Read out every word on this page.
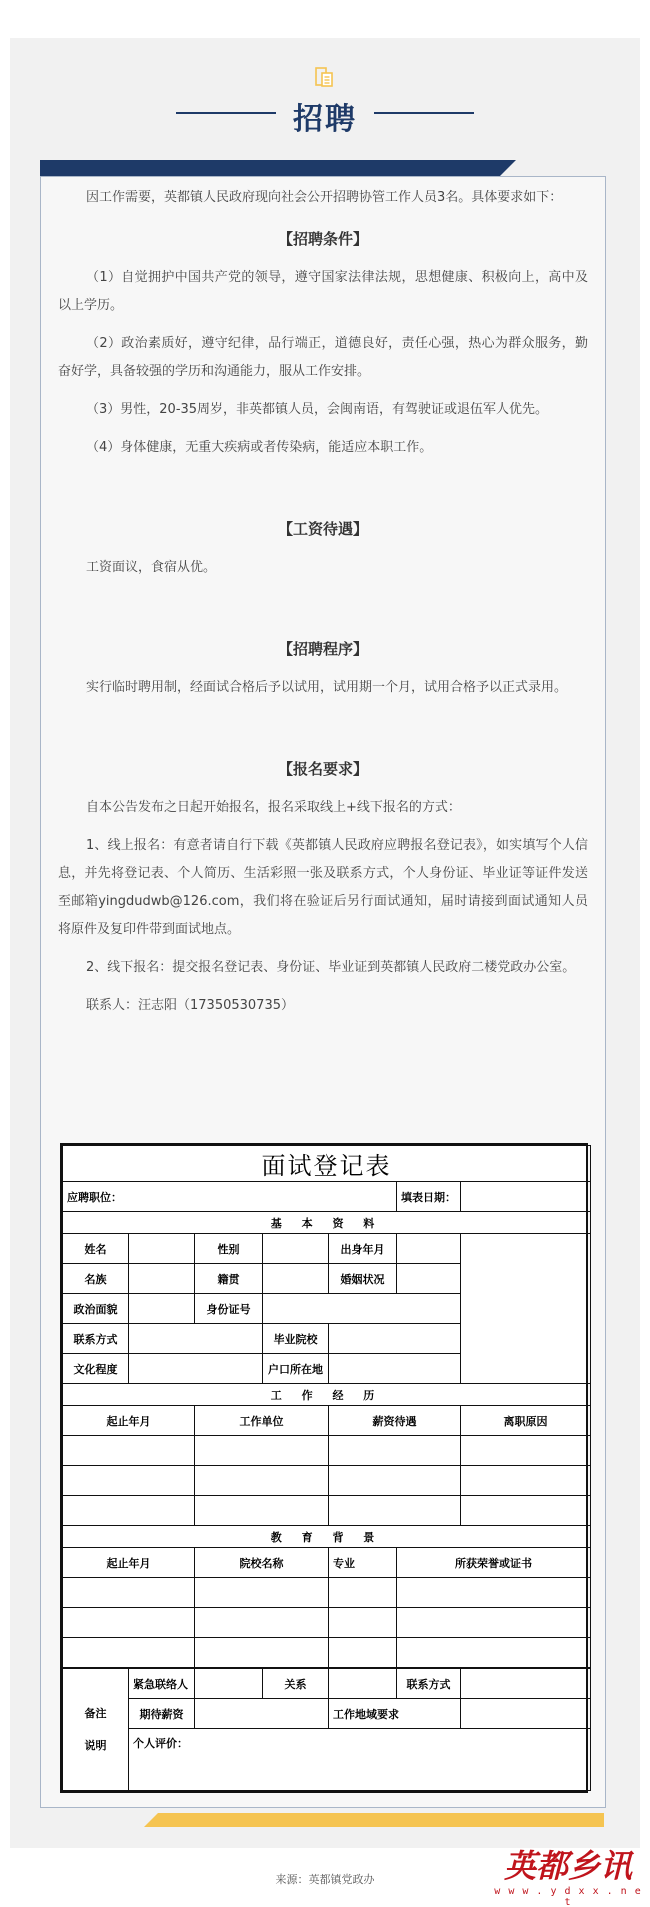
招聘

因工作需要，英都镇人民政府现向社会公开招聘协管工作人员3名。具体要求如下：

【招聘条件】

（1）自觉拥护中国共产党的领导，遵守国家法律法规，思想健康、积极向上，高中及以上学历。

（2）政治素质好，遵守纪律，品行端正，道德良好，责任心强，热心为群众服务，勤奋好学，具备较强的学历和沟通能力，服从工作安排。

（3）男性，20-35周岁，非英都镇人员，会闽南语，有驾驶证或退伍军人优先。

（4）身体健康，无重大疾病或者传染病，能适应本职工作。

【工资待遇】

工资面议，食宿从优。

【招聘程序】

实行临时聘用制，经面试合格后予以试用，试用期一个月，试用合格予以正式录用。

【报名要求】

自本公告发布之日起开始报名，报名采取线上+线下报名的方式：

1、线上报名：有意者请自行下载《英都镇人民政府应聘报名登记表》，如实填写个人信息，并先将登记表、个人简历、生活彩照一张及联系方式，个人身份证、毕业证等证件发送至邮箱yingdudwb@126.com，我们将在验证后另行面试通知，届时请接到面试通知人员将原件及复印件带到面试地点。

2、线下报名：提交报名登记表、身份证、毕业证到英都镇人民政府二楼党政办公室。

联系人：汪志阳（17350530735）

面试登记表						
应聘职位：					填表日期：	
基 本 资 料						
姓名		性别		出身年月		
名族		籍贯		婚姻状况		
政治面貌		身份证号				
联系方式			毕业院校			
文化程度			户口所在地			
工 作 经 历						
起止年月		工作单位		薪资待遇		离职原因

教 育 背 景						
起止年月		院校名称		专业	所获荣誉或证书	

备注
说明	紧急联络人		关系		联系方式	
	期待薪资			工作地域要求		
	个人评价：					
来源：英都镇党政办	英都乡讯
w w w . y d x x . n e t
